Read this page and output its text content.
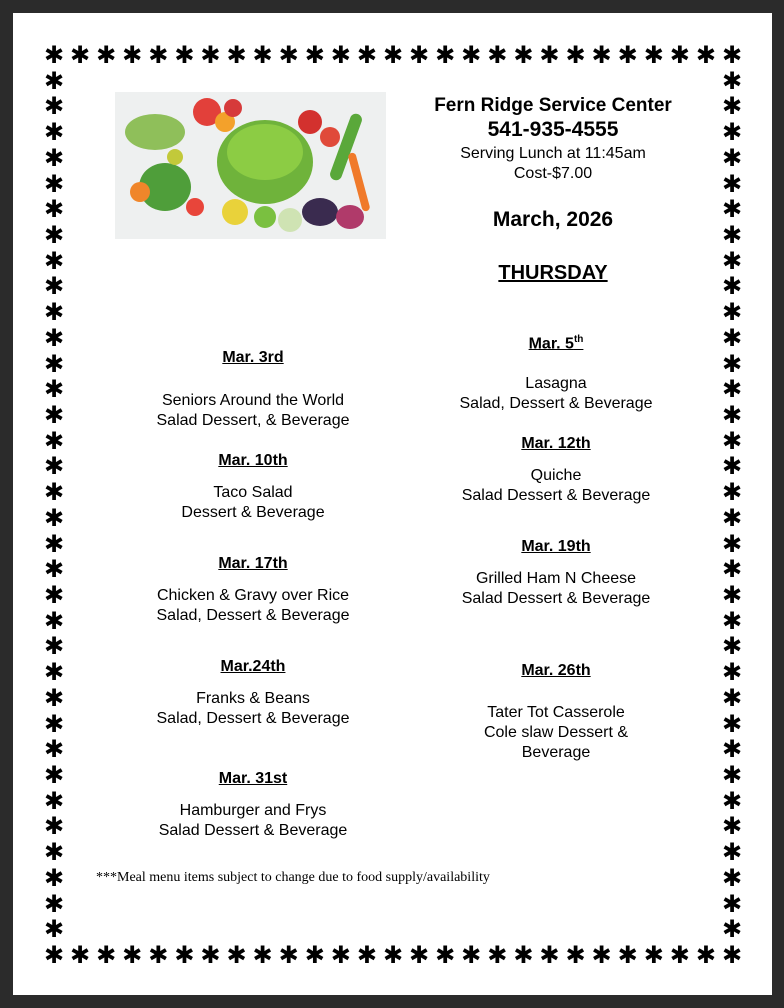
✱
✱
✱
✱
✱
✱
✱
✱
✱
✱
✱
✱
✱
✱
✱
✱
✱
✱
✱
✱
✱
✱
✱
✱
✱
✱
✱
✱
✱
✱
✱
✱
✱
✱
✱
✱
✱
✱
✱
✱
✱
✱
✱
✱
✱
✱
✱
✱
✱
✱
✱
✱
✱
✱
✱	✱
✱	✱
✱	✱
✱	✱
✱	✱
✱	✱
✱	✱
✱	✱
✱	✱
✱	✱
✱	✱
✱	✱
✱	✱
✱	✱
✱	✱
✱	✱
✱	✱
✱	✱
✱	✱
✱	✱
✱	✱
✱	✱
✱	✱
✱	✱
✱	✱
✱	✱
✱	✱
✱	✱
✱	✱
✱	✱
✱	✱
✱	✱
✱	✱
✱	✱
Fern Ridge Service Center
541-935-4555
Serving Lunch at 11:45am
Cost-$7.00
March, 2026
THURSDAY
Mar. 3rd
Seniors Around the World
Salad Dessert, & Beverage
Mar. 10th
Taco Salad
Dessert & Beverage
Mar. 17th
Chicken & Gravy over Rice
Salad, Dessert & Beverage
Mar.24th
Franks & Beans
Salad, Dessert & Beverage
Mar. 31st
Hamburger and Frys
Salad Dessert & Beverage
Mar. 5th
Lasagna
Salad, Dessert & Beverage
Mar. 12th
Quiche
Salad Dessert & Beverage
Mar. 19th
Grilled Ham N Cheese
Salad Dessert & Beverage
Mar. 26th
Tater Tot Casserole
Cole slaw Dessert &
Beverage
***Meal menu items subject to change due to food supply/availability
